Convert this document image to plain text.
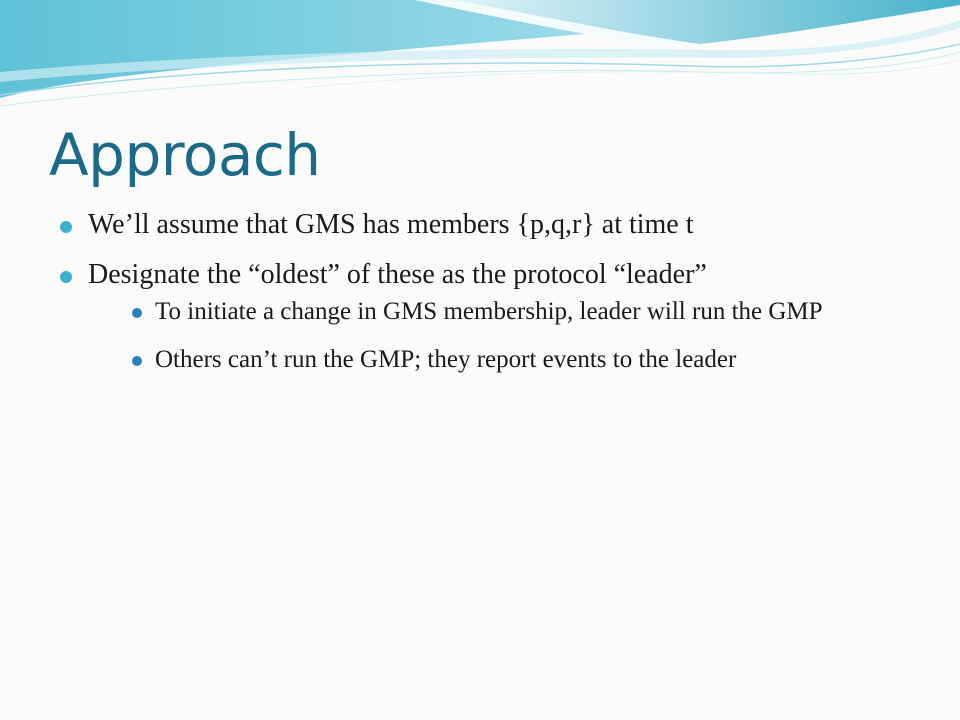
Approach
We’ll assume that GMS has members {p,q,r} at time t
Designate the “oldest” of these as the protocol “leader”
To initiate a change in GMS membership, leader will run the GMP
Others can’t run the GMP; they report events to the leader
